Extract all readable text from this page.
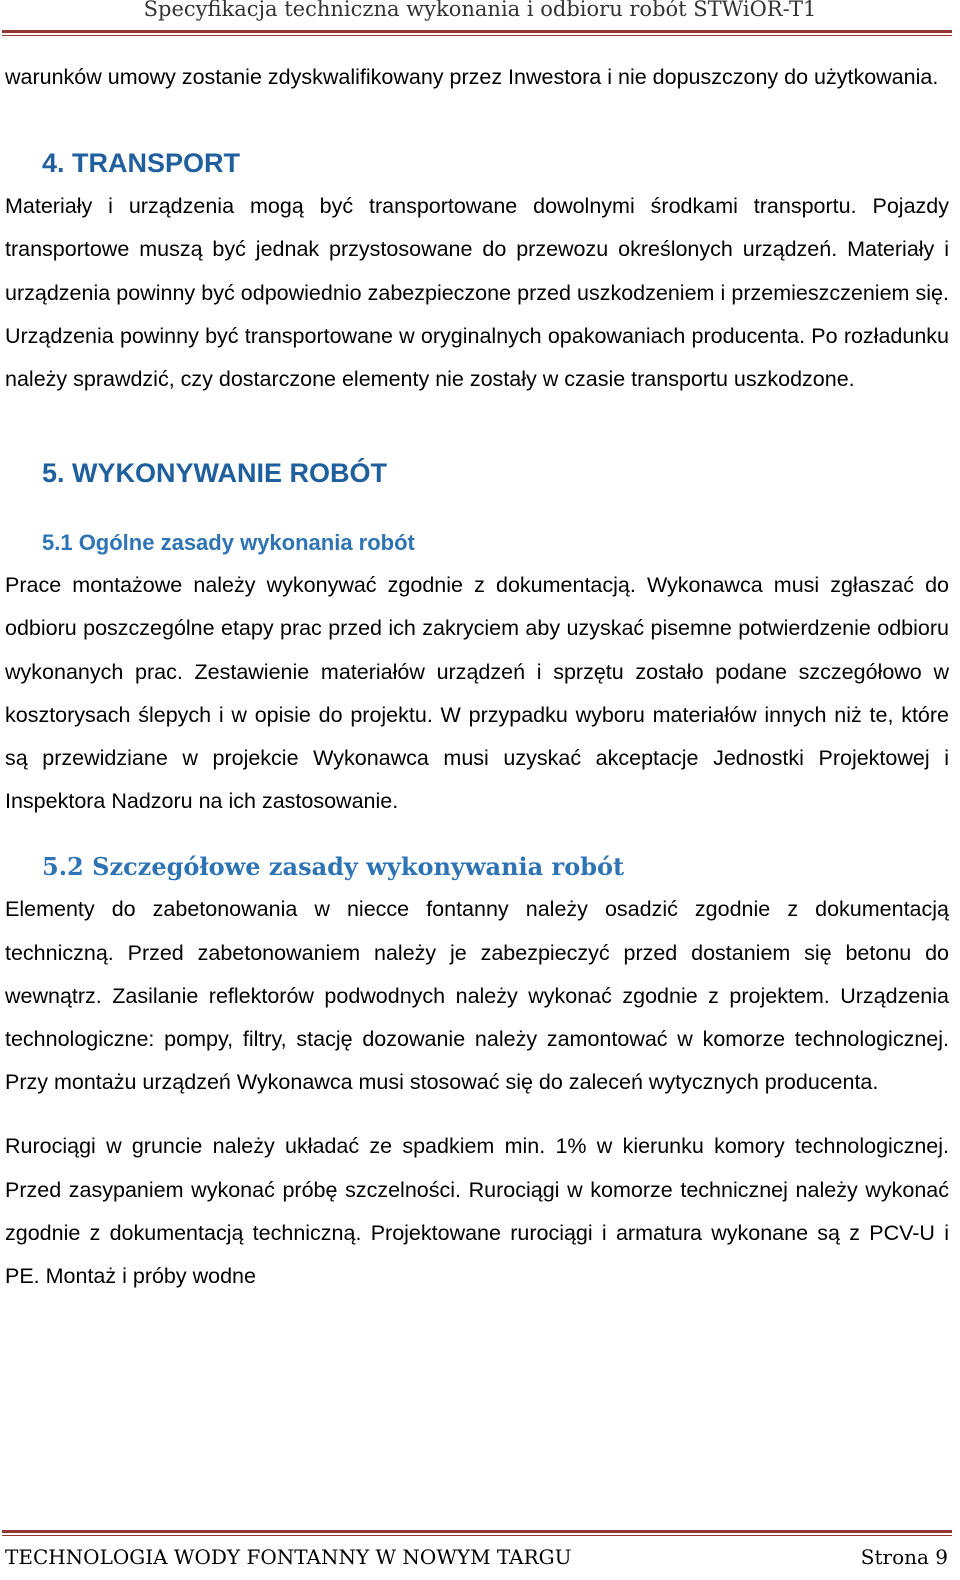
Specyfikacja techniczna wykonania i odbioru robót STWiOR-T1

warunków umowy zostanie zdyskwalifikowany przez Inwestora i nie dopuszczony do użytkowania.

4. TRANSPORT

Materiały i urządzenia mogą być transportowane dowolnymi środkami transportu. Pojazdy transportowe muszą być jednak przystosowane do przewozu określonych urządzeń. Materiały i urządzenia powinny być odpowiednio zabezpieczone przed uszkodzeniem i przemieszczeniem się. Urządzenia powinny być transportowane w oryginalnych opakowaniach producenta. Po rozładunku należy sprawdzić, czy dostarczone elementy nie zostały w czasie transportu uszkodzone.

5. WYKONYWANIE ROBÓT
5.1 Ogólne zasady wykonania robót

Prace montażowe należy wykonywać zgodnie z dokumentacją. Wykonawca musi zgłaszać do odbioru poszczególne etapy prac przed ich zakryciem aby uzyskać pisemne potwierdzenie odbioru wykonanych prac. Zestawienie materiałów urządzeń i sprzętu zostało podane szczegółowo w kosztorysach ślepych i w opisie do projektu. W przypadku wyboru materiałów innych niż te, które są przewidziane w projekcie Wykonawca musi uzyskać akceptacje Jednostki Projektowej i Inspektora Nadzoru na ich zastosowanie.

5.2 Szczegółowe zasady wykonywania robót

Elementy do zabetonowania w niecce fontanny należy osadzić zgodnie z dokumentacją techniczną. Przed zabetonowaniem należy je zabezpieczyć przed dostaniem się betonu do wewnątrz. Zasilanie reflektorów podwodnych należy wykonać zgodnie z projektem. Urządzenia technologiczne: pompy, filtry, stację dozowanie należy zamontować w komorze technologicznej. Przy montażu urządzeń Wykonawca musi stosować się do zaleceń wytycznych producenta.

Rurociągi w gruncie należy układać ze spadkiem min. 1% w kierunku komory technologicznej. Przed zasypaniem wykonać próbę szczelności. Rurociągi w komorze technicznej należy wykonać zgodnie z dokumentacją techniczną. Projektowane rurociągi i armatura wykonane są z PCV-U i PE. Montaż i próby wodne

TECHNOLOGIA WODY FONTANNY W NOWYM TARGU	Strona 9
